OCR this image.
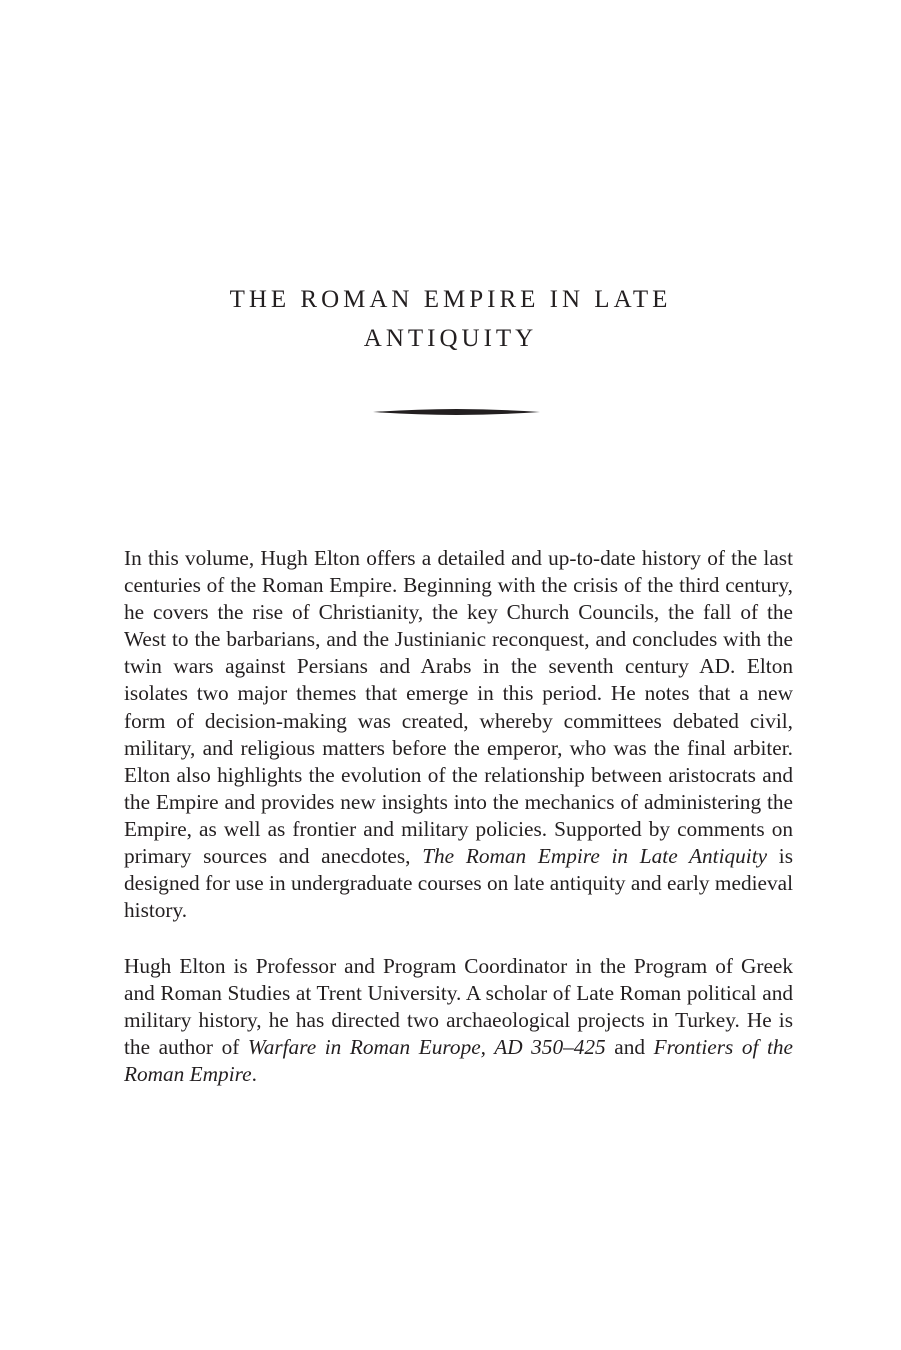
THE ROMAN EMPIRE IN LATE
ANTIQUITY

In this volume, Hugh Elton offers a detailed and up-to-date history of the last centuries of the Roman Empire. Beginning with the crisis of the third century, he covers the rise of Christianity, the key Church Councils, the fall of the West to the barbarians, and the Justinianic reconquest, and concludes with the twin wars against Persians and Arabs in the seventh century AD. Elton isolates two major themes that emerge in this period. He notes that a new form of decision-making was created, whereby committees debated civil, military, and religious matters before the emperor, who was the final arbiter. Elton also highlights the evolution of the relationship between aristocrats and the Empire and provides new insights into the mechanics of administering the Empire, as well as frontier and military policies. Supported by comments on primary sources and anecdotes, The Roman Empire in Late Antiquity is designed for use in undergraduate courses on late antiquity and early medieval history.

Hugh Elton is Professor and Program Coordinator in the Program of Greek and Roman Studies at Trent University. A scholar of Late Roman political and military history, he has directed two archaeological projects in Turkey. He is the author of Warfare in Roman Europe, AD 350–425 and Frontiers of the Roman Empire.
